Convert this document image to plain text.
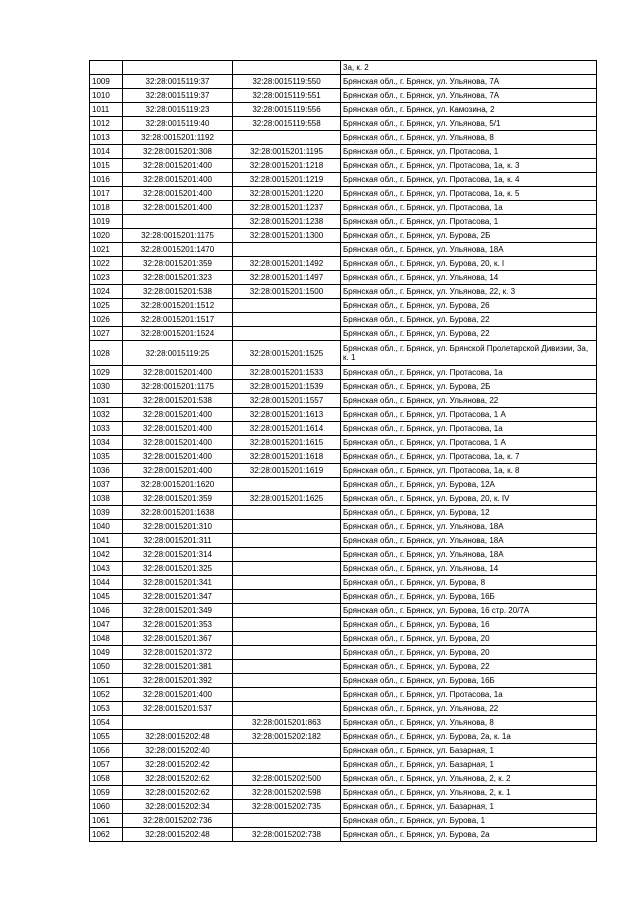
			3а, к. 2
1009	32:28:0015119:37	32:28:0015119:550	Брянская обл., г. Брянск, ул. Ульянова, 7А
1010	32:28:0015119:37	32:28:0015119:551	Брянская обл., г. Брянск, ул. Ульянова, 7А
1011	32:28:0015119:23	32:28:0015119:556	Брянская обл., г. Брянск, ул. Камозина, 2
1012	32:28:0015119:40	32:28:0015119:558	Брянская обл., г. Брянск, ул. Ульянова, 5/1
1013	32:28:0015201:1192		Брянская обл., г. Брянск, ул. Ульянова, 8
1014	32:28:0015201:308	32:28:0015201:1195	Брянская обл., г. Брянск, ул. Протасова, 1
1015	32:28:0015201:400	32:28:0015201:1218	Брянская обл., г. Брянск, ул. Протасова, 1а, к. 3
1016	32:28:0015201:400	32:28:0015201:1219	Брянская обл., г. Брянск, ул. Протасова, 1а, к. 4
1017	32:28:0015201:400	32:28:0015201:1220	Брянская обл., г. Брянск, ул. Протасова, 1а, к. 5
1018	32:28:0015201:400	32:28:0015201:1237	Брянская обл., г. Брянск, ул. Протасова, 1а
1019		32:28:0015201:1238	Брянская обл., г. Брянск, ул. Протасова, 1
1020	32:28:0015201:1175	32:28:0015201:1300	Брянская обл., г. Брянск, ул. Бурова, 2Б
1021	32:28:0015201:1470		Брянская обл., г. Брянск, ул. Ульянова, 18А
1022	32:28:0015201:359	32:28:0015201:1492	Брянская обл., г. Брянск, ул. Бурова, 20, к. I
1023	32:28:0015201:323	32:28:0015201:1497	Брянская обл., г. Брянск, ул. Ульянова, 14
1024	32:28:0015201:538	32:28:0015201:1500	Брянская обл., г. Брянск, ул. Ульянова, 22, к. 3
1025	32:28:0015201:1512		Брянская обл., г. Брянск, ул. Бурова, 26
1026	32:28:0015201:1517		Брянская обл., г. Брянск, ул. Бурова, 22
1027	32:28:0015201:1524		Брянская обл., г. Брянск, ул. Бурова, 22
1028	32:28:0015119:25	32:28:0015201:1525	Брянская обл., г. Брянск, ул. Брянской Пролетарской Дивизии, 3а, к. 1
1029	32:28:0015201:400	32:28:0015201:1533	Брянская обл., г. Брянск, ул. Протасова, 1а
1030	32:28:0015201:1175	32:28:0015201:1539	Брянская обл., г. Брянск, ул. Бурова, 2Б
1031	32:28:0015201:538	32:28:0015201:1557	Брянская обл., г. Брянск, ул. Ульянова, 22
1032	32:28:0015201:400	32:28:0015201:1613	Брянская обл., г. Брянск, ул. Протасова, 1 А
1033	32:28:0015201:400	32:28:0015201:1614	Брянская обл., г. Брянск, ул. Протасова, 1а
1034	32:28:0015201:400	32:28:0015201:1615	Брянская обл., г. Брянск, ул. Протасова, 1 А
1035	32:28:0015201:400	32:28:0015201:1618	Брянская обл., г. Брянск, ул. Протасова, 1а, к. 7
1036	32:28:0015201:400	32:28:0015201:1619	Брянская обл., г. Брянск, ул. Протасова, 1а, к. 8
1037	32:28:0015201:1620		Брянская обл., г. Брянск, ул. Бурова, 12А
1038	32:28:0015201:359	32:28:0015201:1625	Брянская обл., г. Брянск, ул. Бурова, 20, к. IV
1039	32:28:0015201:1638		Брянская обл., г. Брянск, ул. Бурова, 12
1040	32:28:0015201:310		Брянская обл., г. Брянск, ул. Ульянова, 18А
1041	32:28:0015201:311		Брянская обл., г. Брянск, ул. Ульянова, 18А
1042	32:28:0015201:314		Брянская обл., г. Брянск, ул. Ульянова, 18А
1043	32:28:0015201:325		Брянская обл., г. Брянск, ул. Ульянова, 14
1044	32:28:0015201:341		Брянская обл., г. Брянск, ул. Бурова, 8
1045	32:28:0015201:347		Брянская обл., г. Брянск, ул. Бурова, 16Б
1046	32:28:0015201:349		Брянская обл., г. Брянск, ул. Бурова, 16 стр. 20/7А
1047	32:28:0015201:353		Брянская обл., г. Брянск, ул. Бурова, 16
1048	32:28:0015201:367		Брянская обл., г. Брянск, ул. Бурова, 20
1049	32:28:0015201:372		Брянская обл., г. Брянск, ул. Бурова, 20
1050	32:28:0015201:381		Брянская обл., г. Брянск, ул. Бурова, 22
1051	32:28:0015201:392		Брянская обл., г. Брянск, ул. Бурова, 16Б
1052	32:28:0015201:400		Брянская обл., г. Брянск, ул. Протасова, 1а
1053	32:28:0015201:537		Брянская обл., г. Брянск, ул. Ульянова, 22
1054		32:28:0015201:863	Брянская обл., г. Брянск, ул. Ульянова, 8
1055	32:28:0015202:48	32:28:0015202:182	Брянская обл., г. Брянск, ул. Бурова, 2а, к. 1а
1056	32:28:0015202:40		Брянская обл., г. Брянск, ул. Базарная, 1
1057	32:28:0015202:42		Брянская обл., г. Брянск, ул. Базарная, 1
1058	32:28:0015202:62	32:28:0015202:500	Брянская обл., г. Брянск, ул. Ульянова, 2, к. 2
1059	32:28:0015202:62	32:28:0015202:598	Брянская обл., г. Брянск, ул. Ульянова, 2, к. 1
1060	32:28:0015202:34	32:28:0015202:735	Брянская обл., г. Брянск, ул. Базарная, 1
1061	32:28:0015202:736		Брянская обл., г. Брянск, ул. Бурова, 1
1062	32:28:0015202:48	32:28:0015202:738	Брянская обл., г. Брянск, ул. Бурова, 2а
